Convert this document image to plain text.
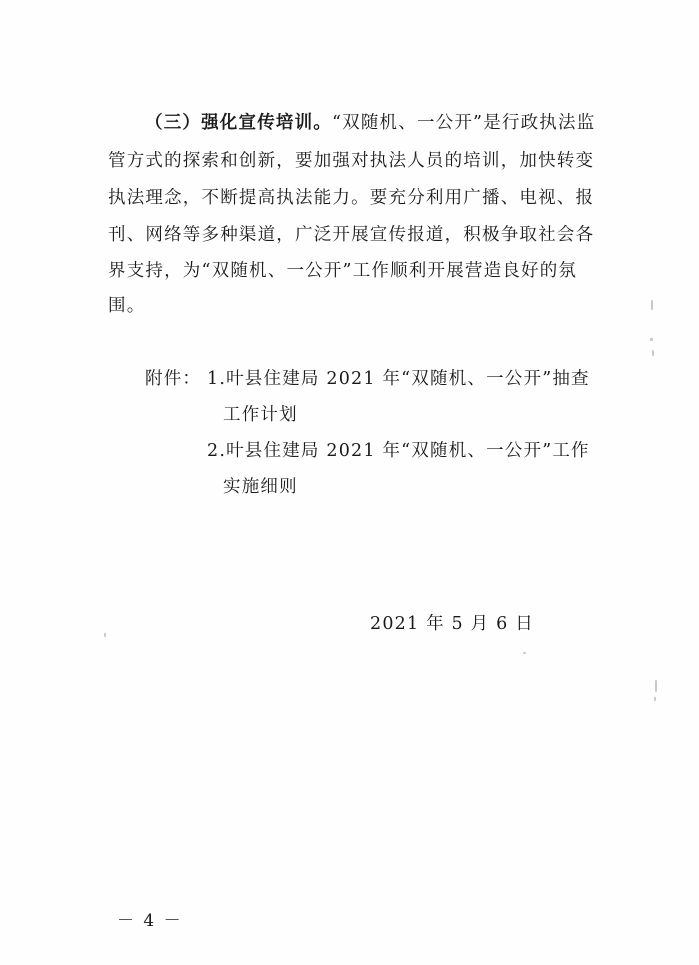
（三）强化宣传培训。“双随机、一公开”是行政执法监
管方式的探索和创新，要加强对执法人员的培训，加快转变
执法理念，不断提高执法能力。要充分利用广播、电视、报
刊、网络等多种渠道，广泛开展宣传报道，积极争取社会各
界支持，为“双随机、一公开”工作顺利开展营造良好的氛
围。
附件： 1.叶县住建局 2021 年“双随机、一公开”抽查
工作计划
2.叶县住建局 2021 年“双随机、一公开”工作
实施细则
2021 年 5 月 6 日
－ 4 －
